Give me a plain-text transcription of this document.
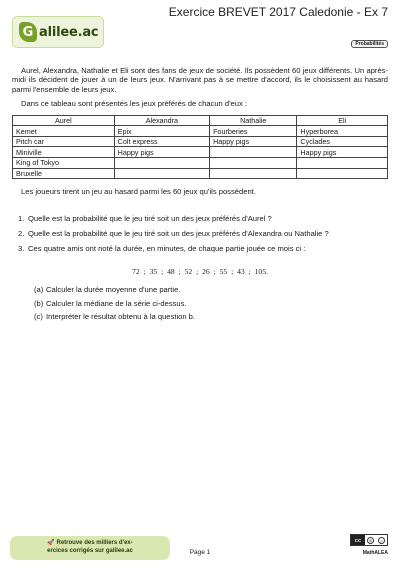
G alilee.ac
Exercice BREVET 2017 Caledonie - Ex 7
Probabilités

Aurel, Alexandra, Nathalie et Eli sont des fans de jeux de société. Ils possèdent 60 jeux différents. Un après-midi ils décident de jouer à un de leurs jeux. N'arrivant pas à se mettre d'accord, ils le choisissent au hasard parmi l'ensemble de leurs jeux.

Dans ce tableau sont présentés les jeux préférés de chacun d'eux :

Aurel	Alexandra	Nathalie	Eli
Kemet	Epix	Fourberies	Hyperborea
Pitch car	Colt express	Happy pigs	Cyclades
Miniville	Happy pigs		Happy pigs
King of Tokyo			
Bruxelle			

Les joueurs tirent un jeu au hasard parmi les 60 jeux qu'ils possèdent.

1. Quelle est la probabilité que le jeu tiré soit un des jeux préférés d'Aurel ?
2. Quelle est la probabilité que le jeu tiré soit un des jeux préférés d'Alexandra ou Nathalie ?
3. Ces quatre amis ont noté la durée, en minutes, de chaque partie jouée ce mois ci :
72 ; 35 ; 48 ; 52 ; 26 ; 55 ; 43 ; 105.
(a) Calculer la durée moyenne d'une partie.
(b) Calculer la médiane de la série ci-dessus.
(c) Interpréter le résultat obtenu à la question b.
🚀 Retrouve des milliers d'ex-
ercices corrigés sur galilee.ac	Page 1
CC	$	=
MathALEA
